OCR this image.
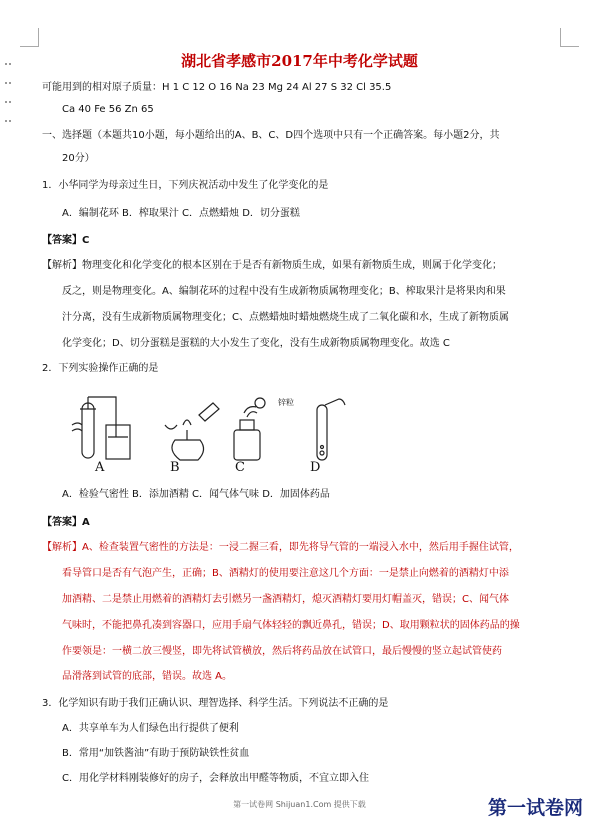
湖北省孝感市2017年中考化学试题
可能用到的相对原子质量：H 1 C 12 O 16 Na 23 Mg 24 Al 27 S 32 Cl 35.5
Ca 40 Fe 56 Zn 65
一、选择题（本题共10小题，每小题给出的A、B、C、D四个选项中只有一个正确答案。每小题2分，共
20分）
1．小华同学为母亲过生日，下列庆祝活动中发生了化学变化的是
A．编制花环 B．榨取果汁 C．点燃蜡烛 D．切分蛋糕
【答案】C
【解析】物理变化和化学变化的根本区别在于是否有新物质生成，如果有新物质生成，则属于化学变化；
反之，则是物理变化。A、编制花环的过程中没有生成新物质属物理变化；B、榨取果汁是将果肉和果
汁分离，没有生成新物质属物理变化；C、点燃蜡烛时蜡烛燃烧生成了二氧化碳和水，生成了新物质属
化学变化；D、切分蛋糕是蛋糕的大小发生了变化，没有生成新物质属物理变化。故选 C
2．下列实验操作正确的是
A	B	C	D
锌粒
A．检验气密性 B．添加酒精 C．闻气体气味 D．加固体药品
【答案】A
【解析】A、检查装置气密性的方法是：一浸二握三看，即先将导气管的一端浸入水中，然后用手握住试管，
看导管口是否有气泡产生，正确；B、酒精灯的使用要注意这几个方面：一是禁止向燃着的酒精灯中添
加酒精、二是禁止用燃着的酒精灯去引燃另一盏酒精灯，熄灭酒精灯要用灯帽盖灭，错误；C、闻气体
气味时，不能把鼻孔凑到容器口，应用手扇气体轻轻的飘近鼻孔，错误；D、取用颗粒状的固体药品的操
作要领是：一横二放三慢竖，即先将试管横放，然后将药品放在试管口，最后慢慢的竖立起试管使药
品滑落到试管的底部，错误。故选 A。
3．化学知识有助于我们正确认识、理智选择、科学生活。下列说法不正确的是
A．共享单车为人们绿色出行提供了便利
B．常用“加铁酱油”有助于预防缺铁性贫血
C．用化学材料刚装修好的房子，会释放出甲醛等物质，不宜立即入住
第一试卷网 Shijuan1.Com 提供下载	第一试卷网
